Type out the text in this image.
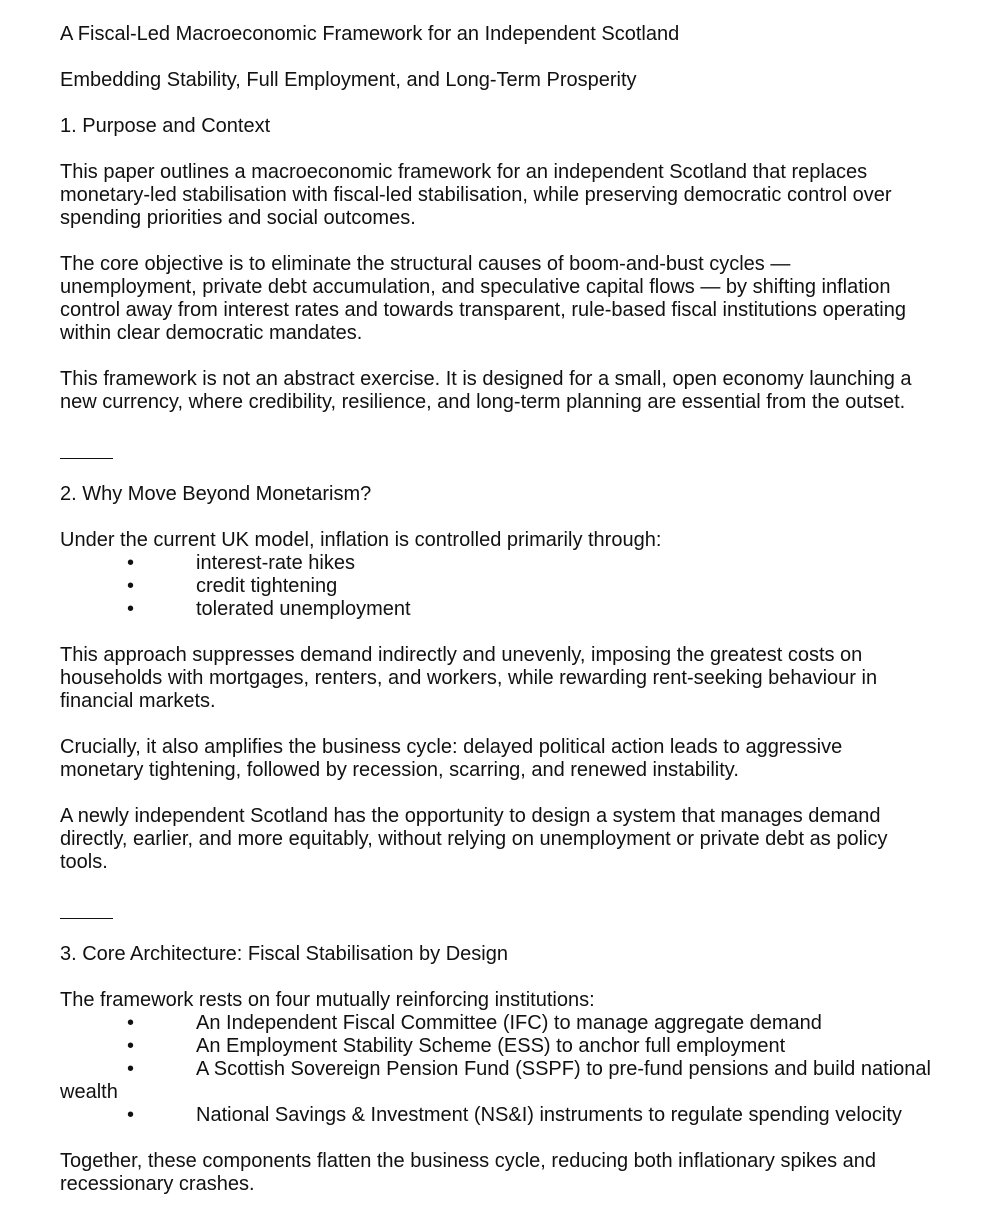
A Fiscal-Led Macroeconomic Framework for an Independent Scotland
Embedding Stability, Full Employment, and Long-Term Prosperity
1. Purpose and Context
This paper outlines a macroeconomic framework for an independent Scotland that replaces
monetary-led stabilisation with fiscal-led stabilisation, while preserving democratic control over
spending priorities and social outcomes.
The core objective is to eliminate the structural causes of boom-and-bust cycles —
unemployment, private debt accumulation, and speculative capital flows — by shifting inflation
control away from interest rates and towards transparent, rule-based fiscal institutions operating
within clear democratic mandates.
This framework is not an abstract exercise. It is designed for a small, open economy launching a
new currency, where credibility, resilience, and long-term planning are essential from the outset.
2. Why Move Beyond Monetarism?
Under the current UK model, inflation is controlled primarily through:
•	interest-rate hikes
•	credit tightening
•	tolerated unemployment
This approach suppresses demand indirectly and unevenly, imposing the greatest costs on
households with mortgages, renters, and workers, while rewarding rent-seeking behaviour in
financial markets.
Crucially, it also amplifies the business cycle: delayed political action leads to aggressive
monetary tightening, followed by recession, scarring, and renewed instability.
A newly independent Scotland has the opportunity to design a system that manages demand
directly, earlier, and more equitably, without relying on unemployment or private debt as policy
tools.
3. Core Architecture: Fiscal Stabilisation by Design
The framework rests on four mutually reinforcing institutions:
•	An Independent Fiscal Committee (IFC) to manage aggregate demand
•	An Employment Stability Scheme (ESS) to anchor full employment
•	A Scottish Sovereign Pension Fund (SSPF) to pre-fund pensions and build national
wealth
•	National Savings & Investment (NS&I) instruments to regulate spending velocity
Together, these components flatten the business cycle, reducing both inflationary spikes and
recessionary crashes.
